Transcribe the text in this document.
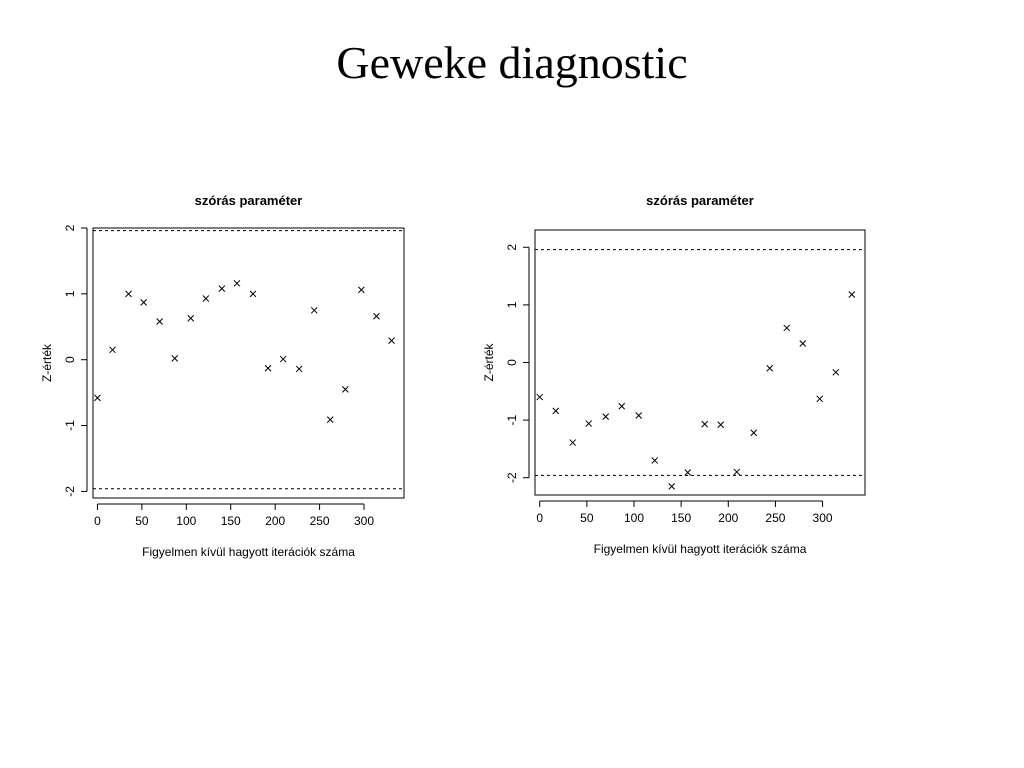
Geweke diagnostic
szórás paraméter
0	50 100 150 200 250 300
-2
-1
0
1
2
Figyelmen kívül hagyott iterációk száma
Z-érték
szórás paraméter
0	50	100 150 200 250 300
-2
-1
0
1
2
Figyelmen kívül hagyott iterációk száma
Z-érték
